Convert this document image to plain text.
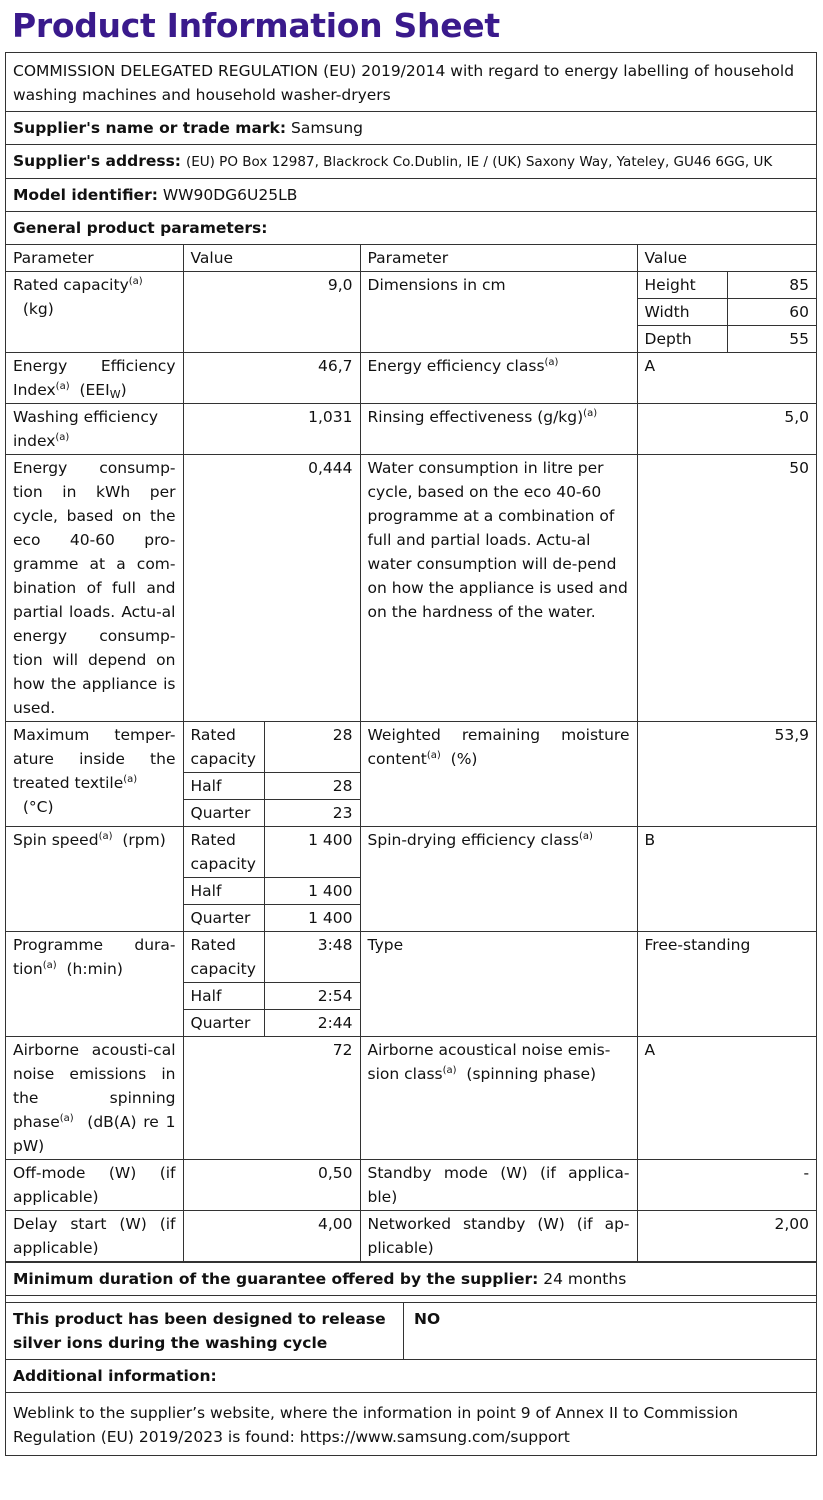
Product Information Sheet
COMMISSION DELEGATED REGULATION (EU) 2019/2014 with regard to energy labelling of household washing machines and household washer-dryers
Supplier's name or trade mark: Samsung
Supplier's address: (EU) PO Box 12987, Blackrock Co.Dublin, IE / (UK) Saxony Way, Yateley, GU46 6GG, UK
Model identifier: WW90DG6U25LB
General product parameters:
Parameter	Value		Parameter	Value	
Rated capacity$^{(a)}$
(kg)	9,0		Dimensions in cm	Height	85
				Width	60
				Depth	55
Energy Efficiency Index$^{(a)}$ $(EEI_W)$	46,7		Energy efficiency class$^{(a)}$	A	
Washing efficiency index$^{(a)}$	1,031		Rinsing effectiveness $(g/kg)^{(a)}$	5,0	
Energy consump-tion in kWh per cycle, based on the eco 40-60 pro-gramme at a com-bination of full and partial loads. Actu-al energy consump-tion will depend on how the appliance is used.	0,444		Water consumption in litre per cycle, based on the eco 40-60 programme at a combination of full and partial loads. Actu-al water consumption will de-pend on how the appliance is used and on the hardness of the water.	50	
Maximum temper-ature inside the treated textile$^{(a)}$
(°C)	Rated capacity	28	Weighted remaining moisture content$^{(a)}$ (%)	53,9	
	Half	28			
	Quarter	23			
Spin speed$^{(a)}$ (rpm)	Rated capacity	1 400	Spin-drying efficiency class$^{(a)}$	B	
	Half	1 400			
	Quarter	1 400			
Programme dura-tion$^{(a)}$ (h:min)	Rated capacity	3:48	Type	Free-standing	
	Half	2:54			
	Quarter	2:44			
Airborne acousti-cal noise emissions in the spinning phase$^{(a)}$ (dB(A) re 1 pW)	72		Airborne acoustical noise emis-sion class$^{(a)}$ (spinning phase)	A	
Off-mode (W) (if applicable)	0,50		Standby mode (W) (if applica-ble)	-	
Delay start (W) (if applicable)	4,00		Networked standby (W) (if ap-plicable)	2,00	
Minimum duration of the guarantee offered by the supplier: 24 months
This product has been designed to release silver ions during the washing cycle
NO
Additional information:
Weblink to the supplier’s website, where the information in point 9 of Annex II to Commission Regulation (EU) 2019/2023 is found: https://www.samsung.com/support
